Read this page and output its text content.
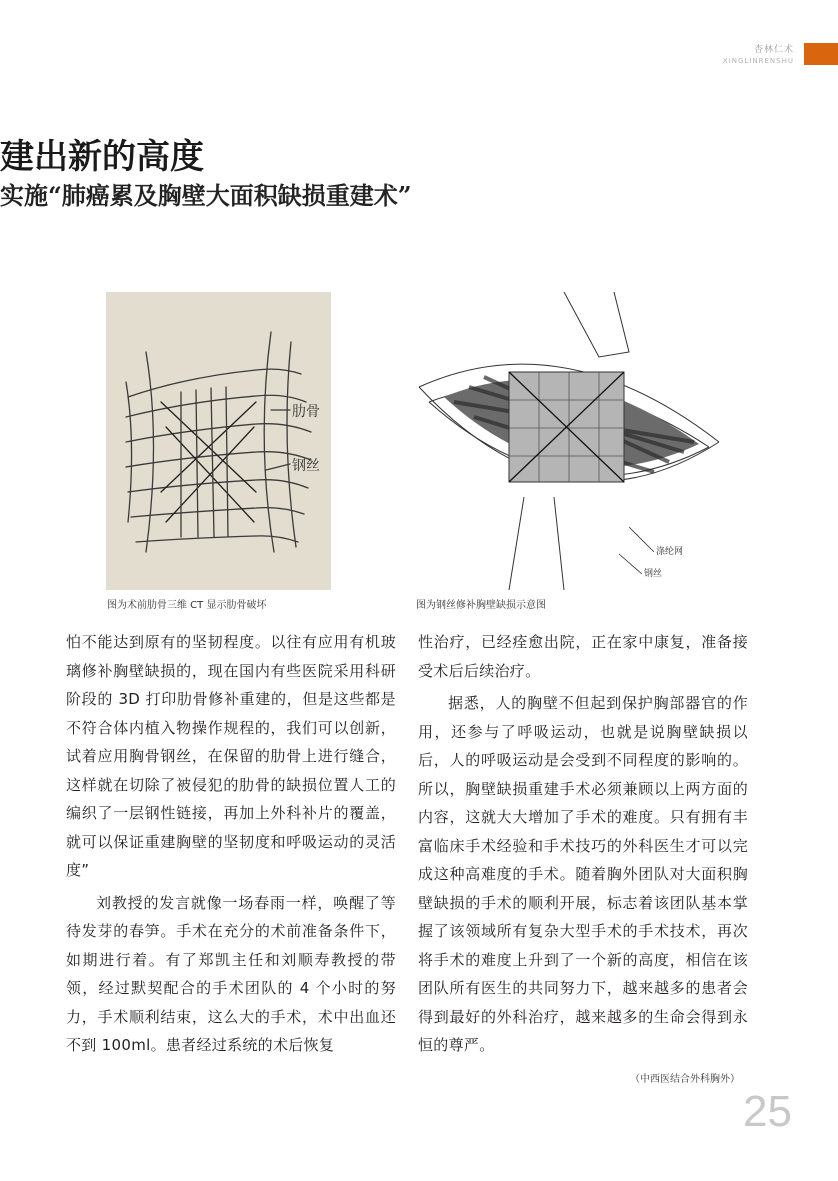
杏林仁术
XINGLINRENSHU
建出新的高度
实施“肺癌累及胸壁大面积缺损重建术”
肋骨
钢丝
图为术前肋骨三维 CT 显示肋骨破坏
涤纶网
钢丝
图为钢丝修补胸壁缺损示意图

怕不能达到原有的坚韧程度。以往有应用有机玻璃修补胸壁缺损的，现在国内有些医院采用科研阶段的 3D 打印肋骨修补重建的，但是这些都是不符合体内植入物操作规程的，我们可以创新，试着应用胸骨钢丝，在保留的肋骨上进行缝合，这样就在切除了被侵犯的肋骨的缺损位置人工的编织了一层钢性链接，再加上外科补片的覆盖，就可以保证重建胸壁的坚韧度和呼吸运动的灵活度”

刘教授的发言就像一场春雨一样，唤醒了等待发芽的春笋。手术在充分的术前准备条件下，如期进行着。有了郑凯主任和刘顺寿教授的带领，经过默契配合的手术团队的 4 个小时的努力，手术顺利结束，这么大的手术，术中出血还不到 100ml。患者经过系统的术后恢复

性治疗，已经痊愈出院，正在家中康复，准备接受术后后续治疗。

据悉，人的胸壁不但起到保护胸部器官的作用，还参与了呼吸运动，也就是说胸壁缺损以后，人的呼吸运动是会受到不同程度的影响的。所以，胸壁缺损重建手术必须兼顾以上两方面的内容，这就大大增加了手术的难度。只有拥有丰富临床手术经验和手术技巧的外科医生才可以完成这种高难度的手术。随着胸外团队对大面积胸壁缺损的手术的顺利开展，标志着该团队基本掌握了该领域所有复杂大型手术的手术技术，再次将手术的难度上升到了一个新的高度，相信在该团队所有医生的共同努力下，越来越多的患者会得到最好的外科治疗，越来越多的生命会得到永恒的尊严。

（中西医结合外科胸外）
25
